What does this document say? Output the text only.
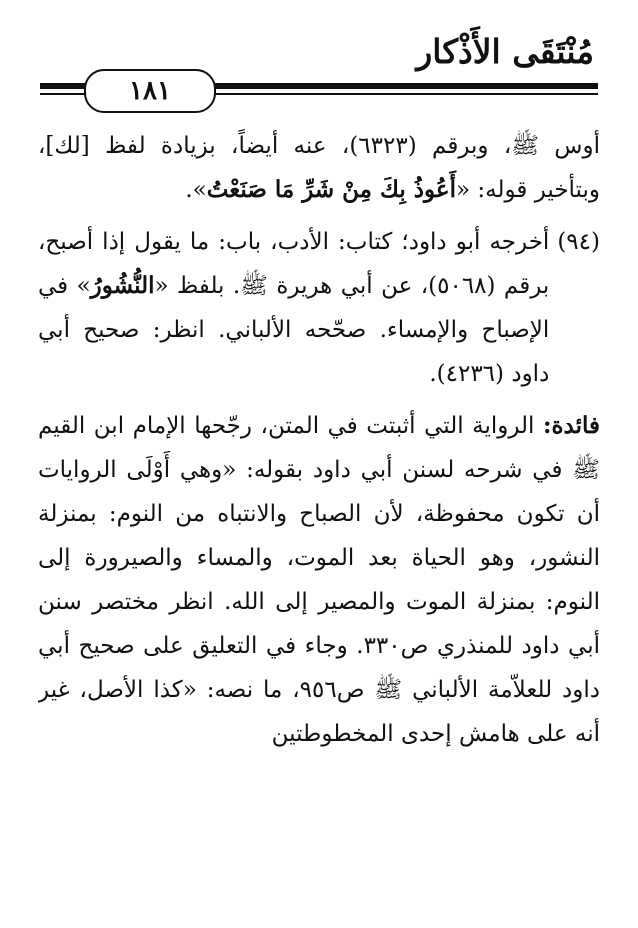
مُنْتَقَى الأَذْكار
١٨١

أوس ﷺ، وبرقم (٦٣٢٣)، عنه أيضاً، بزيادة لفظ [لك]، وبتأخير قوله: «أَعُوذُ بِكَ مِنْ شَرِّ مَا صَنَعْتُ».

(٩٤)

أخرجه أبو داود؛ كتاب: الأدب، باب: ما يقول إذا أصبح، برقم (٥٠٦٨)، عن أبي هريرة ﷺ. بلفظ «النُّشُورُ» في الإصباح والإمساء. صحّحه الألباني. انظر: صحيح أبي داود (٤٢٣٦).

فائدة: الرواية التي أثبتت في المتن، رجّحها الإمام ابن القيم ﷺ في شرحه لسنن أبي داود بقوله: «وهي أَوْلَى الروايات أن تكون محفوظة، لأن الصباح والانتباه من النوم: بمنزلة النشور، وهو الحياة بعد الموت، والمساء والصيرورة إلى النوم: بمنزلة الموت والمصير إلى الله. انظر مختصر سنن أبي داود للمنذري ص٣٣٠. وجاء في التعليق على صحيح أبي داود للعلاّمة الألباني ﷺ ص٩٥٦، ما نصه: «كذا الأصل، غير أنه على هامش إحدى المخطوطتين
